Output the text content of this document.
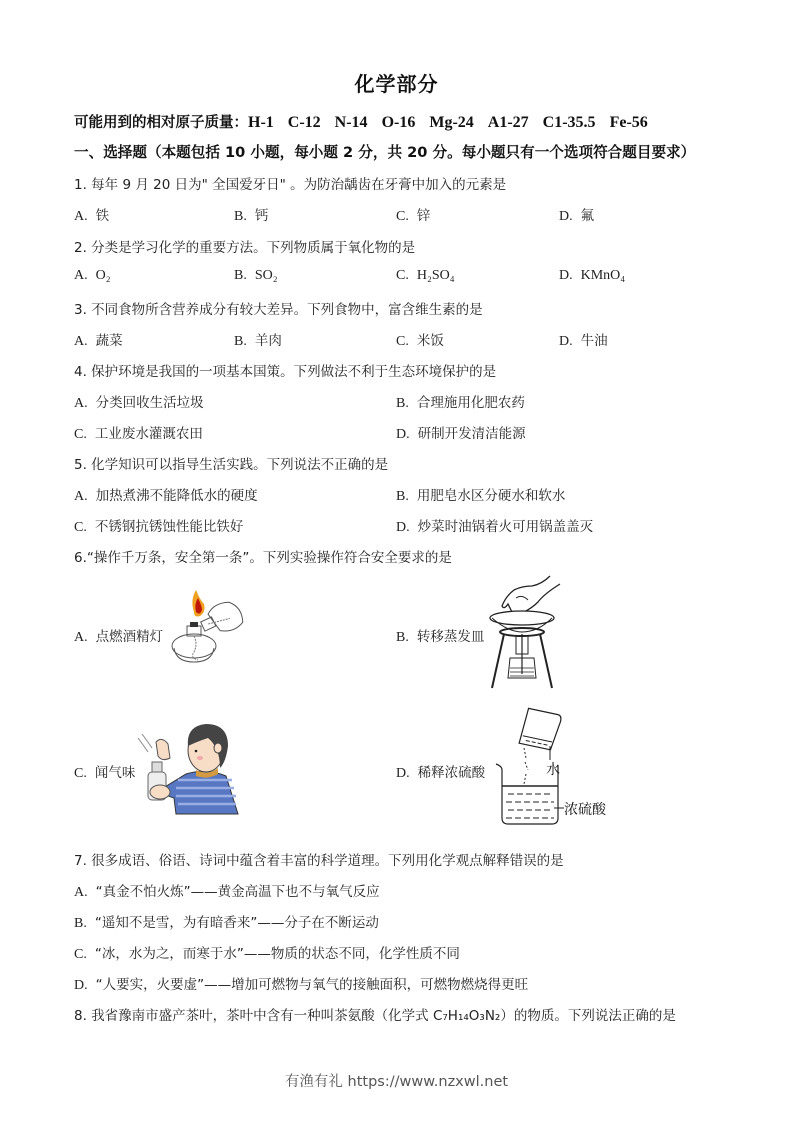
化学部分
可能用到的相对原子质量：H-1 C-12 N-14 O-16 Mg-24 A1-27 C1-35.5 Fe-56
一、选择题（本题包括 10 小题，每小题 2 分，共 20 分。每小题只有一个选项符合题目要求）
1. 每年 9 月 20 日为" 全国爱牙日" 。为防治龋齿在牙膏中加入的元素是
A. 铁	B. 钙	C. 锌	D. 氟
2. 分类是学习化学的重要方法。下列物质属于氧化物的是
A. O₂	B. SO₂	C. H₂SO₄	D. KMnO₄
3. 不同食物所含营养成分有较大差异。下列食物中，富含维生素的是
A. 蔬菜	B. 羊肉	C. 米饭	D. 牛油
4. 保护环境是我国的一项基本国策。下列做法不利于生态环境保护的是
A. 分类回收生活垃圾	B. 合理施用化肥农药
C. 工业废水灌溉农田	D. 研制开发清洁能源
5. 化学知识可以指导生活实践。下列说法不正确的是
A. 加热煮沸不能降低水的硬度	B. 用肥皂水区分硬水和软水
C. 不锈钢抗锈蚀性能比铁好	D. 炒菜时油锅着火可用锅盖盖灭
6.“操作千万条，安全第一条”。下列实验操作符合安全要求的是
A. 点燃酒精灯	B. 转移蒸发皿
C. 闻气味	D. 稀释浓硫酸	水
浓硫酸
7. 很多成语、俗语、诗词中蕴含着丰富的科学道理。下列用化学观点解释错误的是
A. “真金不怕火炼”——黄金高温下也不与氧气反应
B. “遥知不是雪，为有暗香来”——分子在不断运动
C. “冰，水为之，而寒于水”——物质的状态不同，化学性质不同
D. “人要实，火要虚”——增加可燃物与氧气的接触面积，可燃物燃烧得更旺
8. 我省豫南市盛产茶叶，茶叶中含有一种叫茶氨酸（化学式 C₇H₁₄O₃N₂）的物质。下列说法正确的是
有渔有礼 https://www.nzxwl.net
